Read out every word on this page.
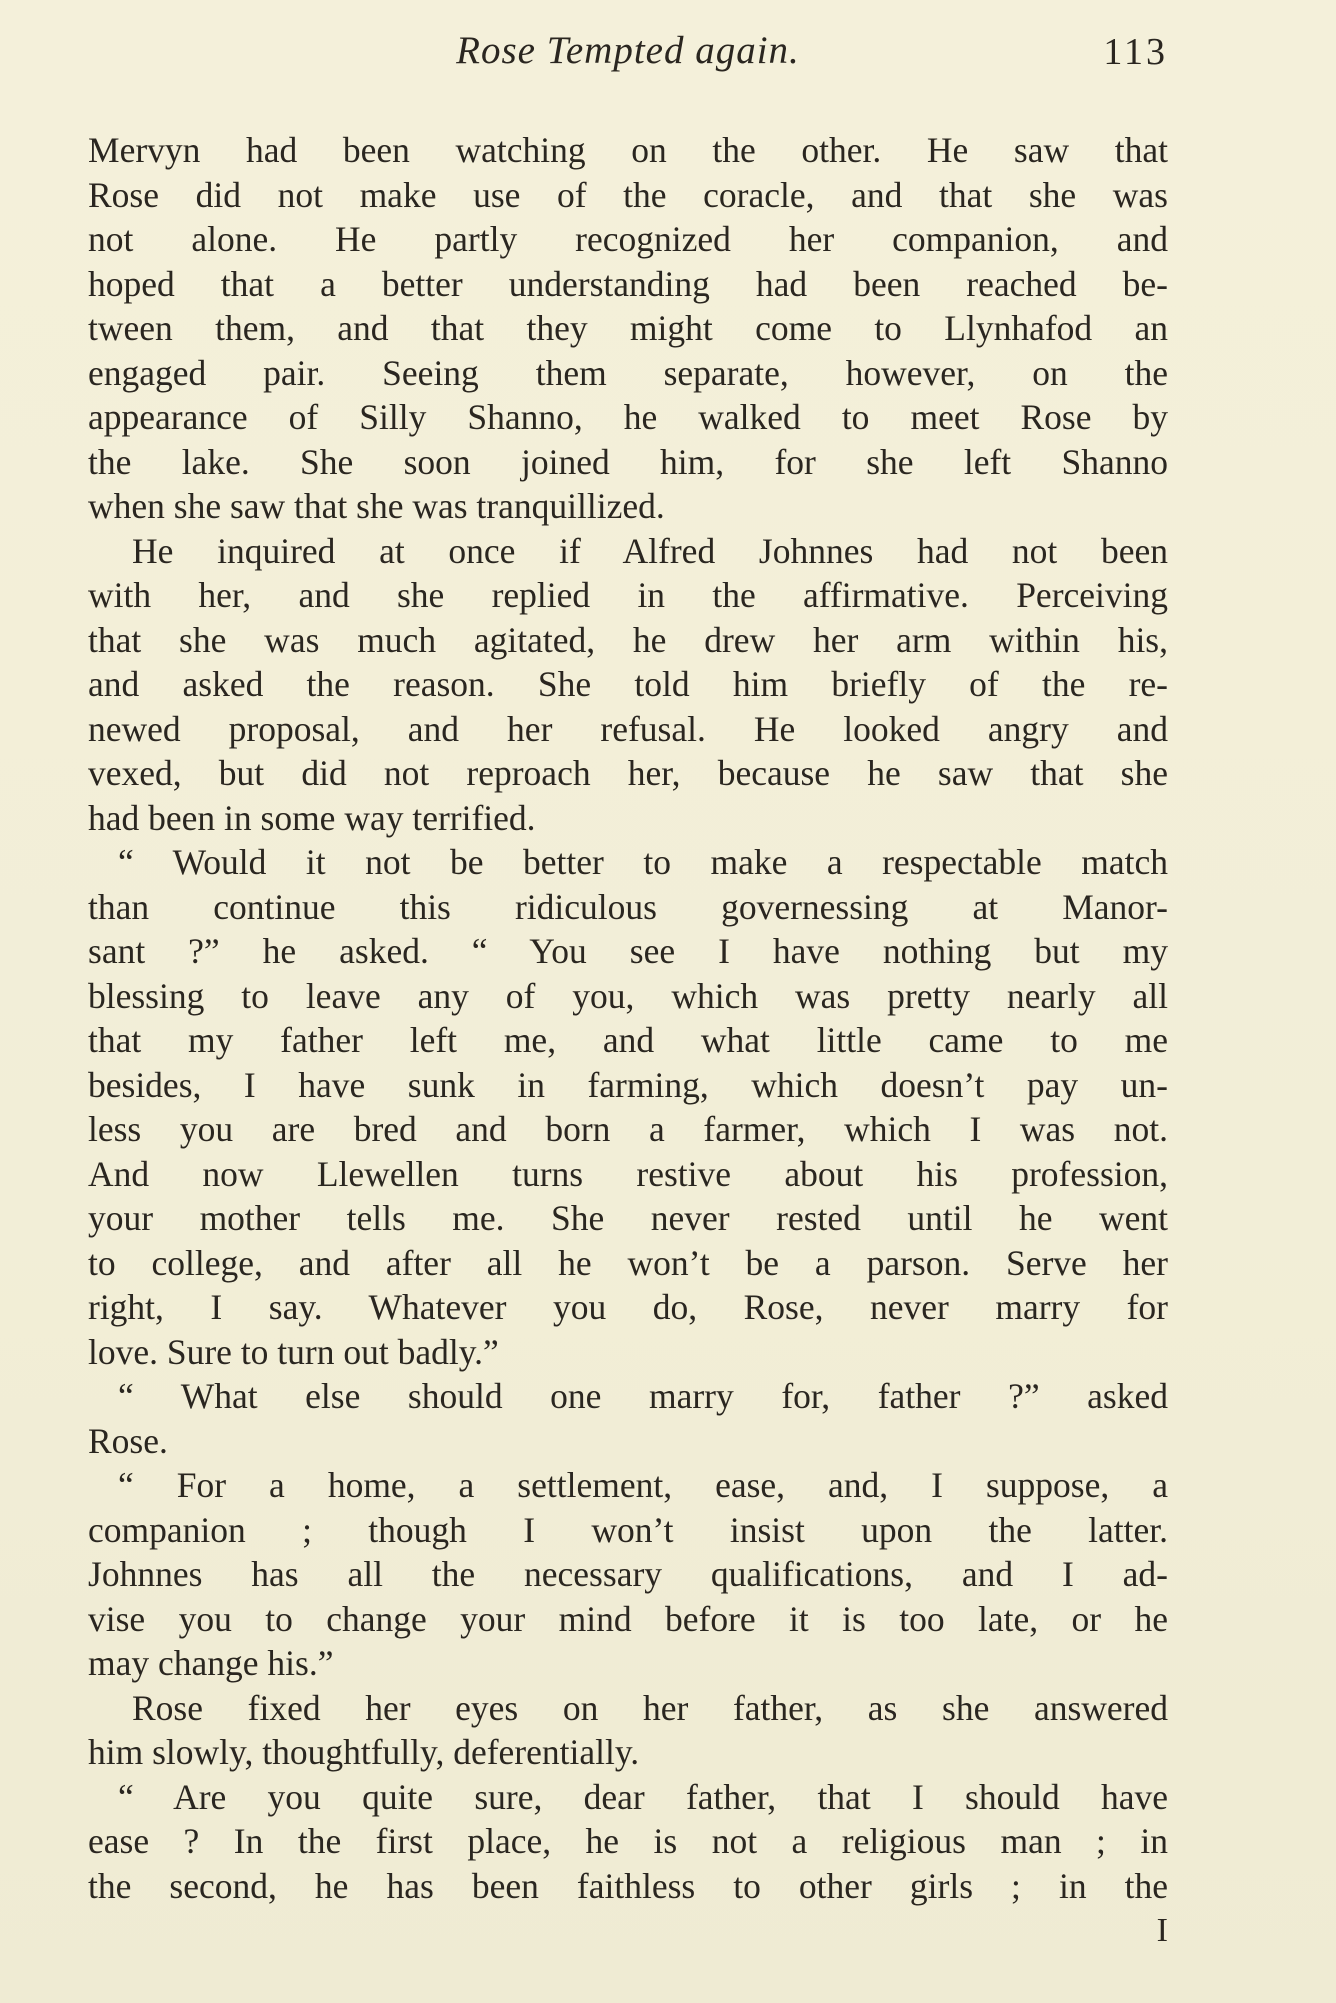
Rose Tempted again.	113
Mervyn had been watching on the other. He saw that
Rose did not make use of the coracle, and that she was
not alone. He partly recognized her companion, and
hoped that a better understanding had been reached be-
tween them, and that they might come to Llynhafod an
engaged pair. Seeing them separate, however, on the
appearance of Silly Shanno, he walked to meet Rose by
the lake. She soon joined him, for she left Shanno
when she saw that she was tranquillized.
He inquired at once if Alfred Johnnes had not been
with her, and she replied in the affirmative. Perceiving
that she was much agitated, he drew her arm within his,
and asked the reason. She told him briefly of the re-
newed proposal, and her refusal. He looked angry and
vexed, but did not reproach her, because he saw that she
had been in some way terrified.
“ Would it not be better to make a respectable match
than continue this ridiculous governessing at Manor-
sant ?” he asked. “ You see I have nothing but my
blessing to leave any of you, which was pretty nearly all
that my father left me, and what little came to me
besides, I have sunk in farming, which doesn’t pay un-
less you are bred and born a farmer, which I was not.
And now Llewellen turns restive about his profession,
your mother tells me. She never rested until he went
to college, and after all he won’t be a parson. Serve her
right, I say. Whatever you do, Rose, never marry for
love. Sure to turn out badly.”
“ What else should one marry for, father ?” asked
Rose.
“ For a home, a settlement, ease, and, I suppose, a
companion ; though I won’t insist upon the latter.
Johnnes has all the necessary qualifications, and I ad-
vise you to change your mind before it is too late, or he
may change his.”
Rose fixed her eyes on her father, as she answered
him slowly, thoughtfully, deferentially.
“ Are you quite sure, dear father, that I should have
ease ? In the first place, he is not a religious man ; in
the second, he has been faithless to other girls ; in the
I
